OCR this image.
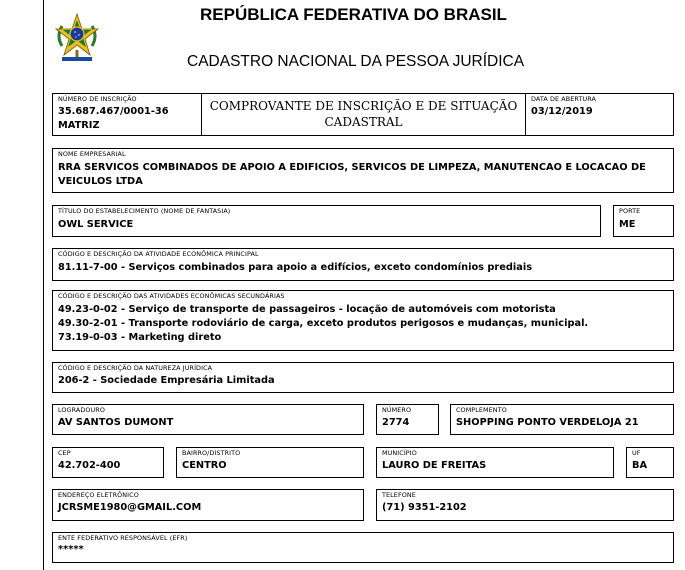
REPÚBLICA FEDERATIVA DO BRASIL
CADASTRO NACIONAL DA PESSOA JURÍDICA
NÚMERO DE INSCRIÇÃO
35.687.467/0001-36
MATRIZ
COMPROVANTE DE INSCRIÇÃO E DE SITUAÇÃO
CADASTRAL
DATA DE ABERTURA
03/12/2019
NOME EMPRESARIAL
RRA SERVICOS COMBINADOS DE APOIO A EDIFICIOS, SERVICOS DE LIMPEZA, MANUTENCAO E LOCACAO DE
VEICULOS LTDA
TÍTULO DO ESTABELECIMENTO (NOME DE FANTASIA)
OWL SERVICE
PORTE
ME
CÓDIGO E DESCRIÇÃO DA ATIVIDADE ECONÔMICA PRINCIPAL
81.11-7-00 - Serviços combinados para apoio a edifícios, exceto condomínios prediais
CÓDIGO E DESCRIÇÃO DAS ATIVIDADES ECONÔMICAS SECUNDÁRIAS
49.23-0-02 - Serviço de transporte de passageiros - locação de automóveis com motorista
49.30-2-01 - Transporte rodoviário de carga, exceto produtos perigosos e mudanças, municipal.
73.19-0-03 - Marketing direto
CÓDIGO E DESCRIÇÃO DA NATUREZA JURÍDICA
206-2 - Sociedade Empresária Limitada
LOGRADOURO
AV SANTOS DUMONT
NÚMERO
2774
COMPLEMENTO
SHOPPING PONTO VERDELOJA 21
CEP
42.702-400
BAIRRO/DISTRITO
CENTRO
MUNICÍPIO
LAURO DE FREITAS
UF
BA
ENDEREÇO ELETRÔNICO
JCRSME1980@GMAIL.COM
TELEFONE
(71) 9351-2102
ENTE FEDERATIVO RESPONSÁVEL (EFR)
*****
